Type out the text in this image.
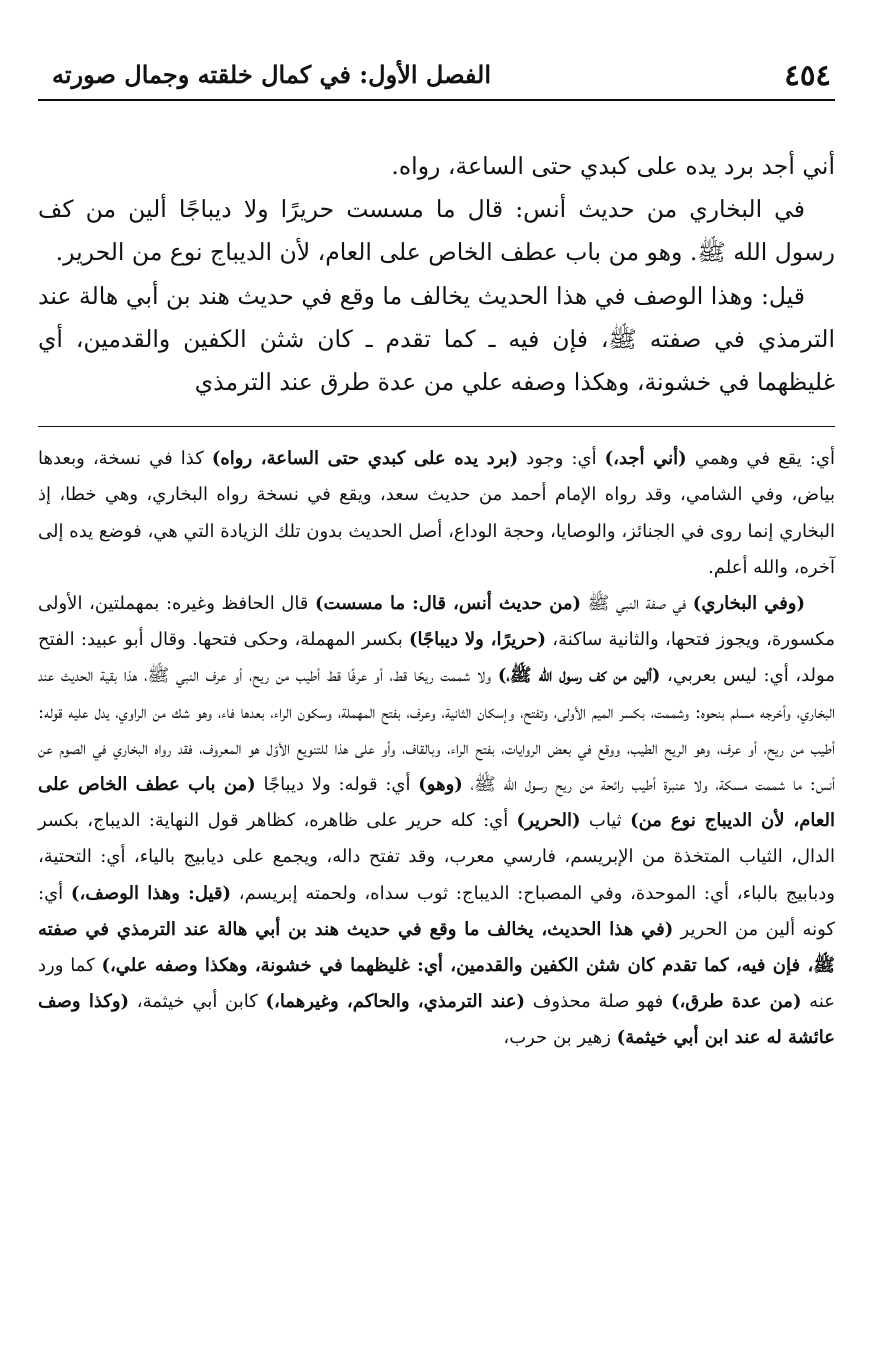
٤٥٤
الفصل الأول: في كمال خلقته وجمال صورته

أني أجد برد يده على كبدي حتى الساعة، رواه.

في البخاري من حديث أنس: قال ما مسست حريرًا ولا ديباجًا ألين من كف رسول الله ﷺ. وهو من باب عطف الخاص على العام، لأن الديباج نوع من الحرير.

قيل: وهذا الوصف في هذا الحديث يخالف ما وقع في حديث هند بن أبي هالة عند الترمذي في صفته ﷺ، فإن فيه ـ كما تقدم ـ كان شثن الكفين والقدمين، أي غليظهما في خشونة، وهكذا وصفه علي من عدة طرق عند الترمذي

أي: يقع في وهمي (أني أجد،) أي: وجود (برد يده على كبدي حتى الساعة، رواه) كذا في نسخة، وبعدها بياض، وفي الشامي، وقد رواه الإمام أحمد من حديث سعد، ويقع في نسخة رواه البخاري، وهي خطا، إذ البخاري إنما روى في الجنائز، والوصايا، وحجة الوداع، أصل الحديث بدون تلك الزيادة التي هي، فوضع يده إلى آخره، والله أعلم.

(وفي البخاري) في صفة النبي ﷺ (من حديث أنس، قال: ما مسست) قال الحافظ وغيره: بمهملتين، الأولى مكسورة، ويجوز فتحها، والثانية ساكنة، (حريرًا، ولا ديباجًا) بكسر المهملة، وحكى فتحها. وقال أبو عبيد: الفتح مولد، أي: ليس بعربي، (ألين من كف رسول الله ﷺ،) ولا شممت ريحًا قط، أو عرفًا قط أطيب من ريح، أو عرف النبي ﷺ، هذا بقية الحديث عند البخاري، وأخرجه مسلم بنحوه: وشممت، بكسر الميم الأولى، وتفتح، وإسكان الثانية، وعرف، بفتح المهملة، وسكون الراء، بعدها فاء، وهو شك من الراوي، يدل عليه قوله: أطيب من ريح، أو عرف، وهو الريح الطيب، ووقع في بعض الروايات، بفتح الراء، وبالقاف، وأو على هذا للتنويع الأوّل هو المعروف، فقد رواه البخاري في الصوم عن أنس: ما شممت مسكة، ولا عنبرة أطيب رائحة من ريح رسول الله ﷺ، (وهو) أي: قوله: ولا ديباجًا (من باب عطف الخاص على العام، لأن الديباج نوع من) ثياب (الحرير) أي: كله حرير على ظاهره، كظاهر قول النهاية: الديباج، بكسر الدال، الثياب المتخذة من الإبريسم، فارسي معرب، وقد تفتح داله، ويجمع على ديابيج بالياء، أي: التحتية، ودبابيج بالباء، أي: الموحدة، وفي المصباح: الديباج: ثوب سداه، ولحمته إبريسم، (قيل: وهذا الوصف،) أي: كونه ألين من الحرير (في هذا الحديث، يخالف ما وقع في حديث هند بن أبي هالة عند الترمذي في صفته ﷺ، فإن فيه، كما تقدم كان شثن الكفين والقدمين، أي: غليظهما في خشونة، وهكذا وصفه علي،) كما ورد عنه (من عدة طرق،) فهو صلة محذوف (عند الترمذي، والحاكم، وغيرهما،) كابن أبي خيثمة، (وكذا وصف عائشة له عند ابن أبي خيثمة) زهير بن حرب،
